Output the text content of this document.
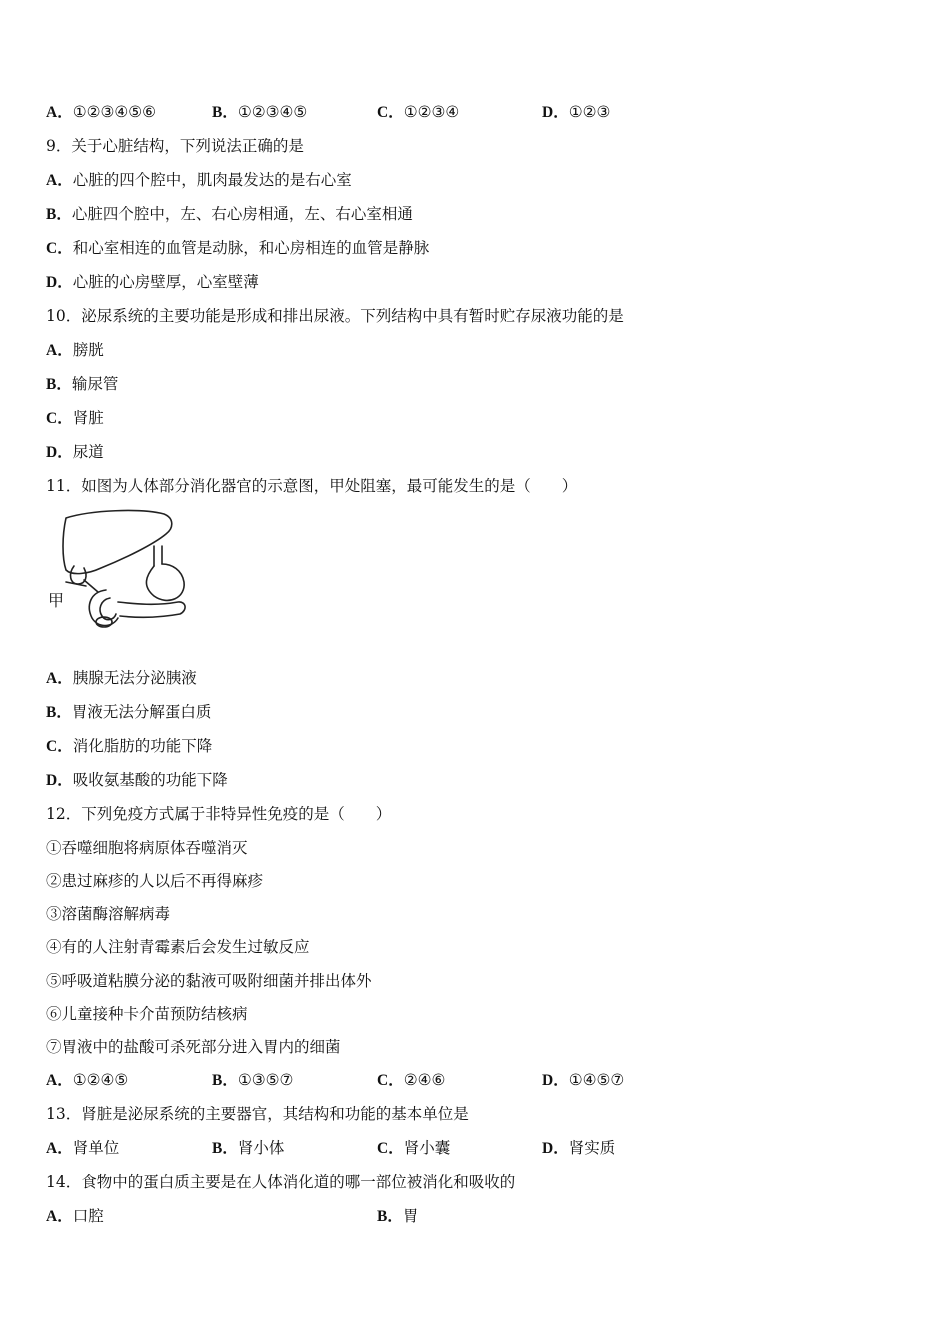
A．①②③④⑤⑥	B．①②③④⑤	C．①②③④	D．①②③
9．关于心脏结构，下列说法正确的是
A．心脏的四个腔中，肌肉最发达的是右心室
B．心脏四个腔中，左、右心房相通，左、右心室相通
C．和心室相连的血管是动脉，和心房相连的血管是静脉
D．心脏的心房壁厚，心室壁薄
10．泌尿系统的主要功能是形成和排出尿液。下列结构中具有暂时贮存尿液功能的是
A．膀胱
B．输尿管
C．肾脏
D．尿道
11．如图为人体部分消化器官的示意图，甲处阻塞，最可能发生的是（　　）
甲
A．胰腺无法分泌胰液
B．胃液无法分解蛋白质
C．消化脂肪的功能下降
D．吸收氨基酸的功能下降
12．下列免疫方式属于非特异性免疫的是（　　）
①吞噬细胞将病原体吞噬消灭
②患过麻疹的人以后不再得麻疹
③溶菌酶溶解病毒
④有的人注射青霉素后会发生过敏反应
⑤呼吸道粘膜分泌的黏液可吸附细菌并排出体外
⑥儿童接种卡介苗预防结核病
⑦胃液中的盐酸可杀死部分进入胃内的细菌
A．①②④⑤	B．①③⑤⑦	C．②④⑥	D．①④⑤⑦
13．肾脏是泌尿系统的主要器官，其结构和功能的基本单位是
A．肾单位	B．肾小体	C．肾小囊	D．肾实质
14．食物中的蛋白质主要是在人体消化道的哪一部位被消化和吸收的
A．口腔	B．胃
